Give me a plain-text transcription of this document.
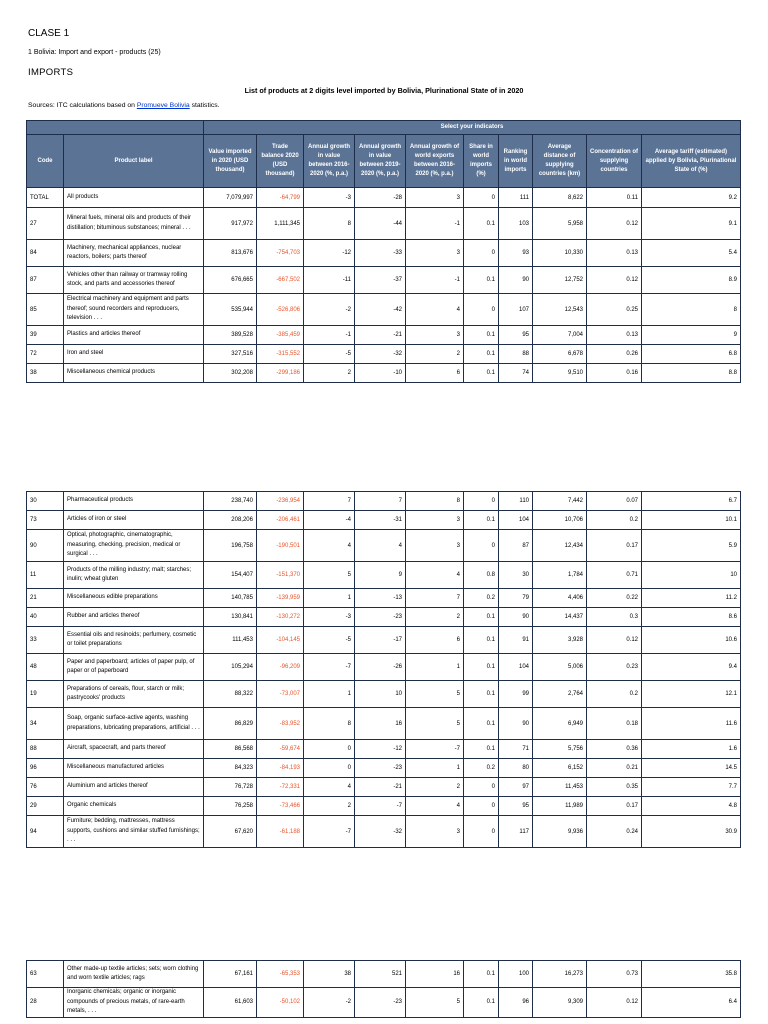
CLASE 1
1 Bolivia: Import and export - products (25)
IMPORTS
List of products at 2 digits level imported by Bolivia, Plurinational State of in 2020
Sources: ITC calculations based on Promueve Bolivia statistics.
		Select your indicators									
Code	Product label	Value imported in 2020 (USD thousand)	Trade balance 2020 (USD thousand)	Annual growth in value between 2016-2020 (%, p.a.)	Annual growth in value between 2019-2020 (%, p.a.)	Annual growth of world exports between 2016-2020 (%, p.a.)	Share in world imports (%)	Ranking in world imports	Average distance of supplying countries (km)	Concentration of supplying countries	Average tariff (estimated) applied by Bolivia, Plurinational State of (%)
TOTAL	All products	7,079,997	-64,799	-3	-28	3	0	111	8,622	0.11	9.2
27	Mineral fuels, mineral oils and products of their distillation; bituminous substances; mineral . . .	917,972	1,111,345	8	-44	-1	0.1	103	5,958	0.12	9.1
84	Machinery, mechanical appliances, nuclear reactors, boilers; parts thereof	813,676	-754,703	-12	-33	3	0	93	10,330	0.13	5.4
87	Vehicles other than railway or tramway rolling stock, and parts and accessories thereof	676,665	-667,502	-11	-37	-1	0.1	90	12,752	0.12	8.9
85	Electrical machinery and equipment and parts thereof; sound recorders and reproducers, television . . .	535,944	-526,806	-2	-42	4	0	107	12,543	0.25	8
39	Plastics and articles thereof	389,528	-385,459	-1	-21	3	0.1	95	7,004	0.13	9
72	Iron and steel	327,516	-315,552	-5	-32	2	0.1	88	6,678	0.26	6.8
38	Miscellaneous chemical products	302,208	-299,186	2	-10	6	0.1	74	9,510	0.16	8.8
30	Pharmaceutical products	238,740	-236,954	7	7	8	0	110	7,442	0.07	6.7
73	Articles of iron or steel	208,206	-206,461	-4	-31	3	0.1	104	10,706	0.2	10.1
90	Optical, photographic, cinematographic, measuring, checking, precision, medical or surgical . . .	196,758	-190,501	4	4	3	0	87	12,434	0.17	5.9
11	Products of the milling industry; malt; starches; inulin; wheat gluten	154,407	-151,370	5	9	4	0.8	30	1,784	0.71	10
21	Miscellaneous edible preparations	140,785	-139,959	1	-13	7	0.2	79	4,406	0.22	11.2
40	Rubber and articles thereof	130,841	-130,272	-3	-23	2	0.1	90	14,437	0.3	8.6
33	Essential oils and resinoids; perfumery, cosmetic or toilet preparations	111,453	-104,145	-5	-17	6	0.1	91	3,928	0.12	10.6
48	Paper and paperboard; articles of paper pulp, of paper or of paperboard	105,294	-96,209	-7	-26	1	0.1	104	5,006	0.23	9.4
19	Preparations of cereals, flour, starch or milk; pastrycooks' products	88,322	-73,007	1	10	5	0.1	99	2,764	0.2	12.1
34	Soap, organic surface-active agents, washing preparations, lubricating preparations, artificial . . .	86,829	-83,952	8	16	5	0.1	90	6,949	0.18	11.6
88	Aircraft, spacecraft, and parts thereof	86,568	-59,674	0	-12	-7	0.1	71	5,756	0.36	1.6
96	Miscellaneous manufactured articles	84,323	-84,193	0	-23	1	0.2	80	6,152	0.21	14.5
76	Aluminium and articles thereof	76,728	-72,331	4	-21	2	0	97	11,453	0.35	7.7
29	Organic chemicals	76,258	-73,466	2	-7	4	0	95	11,989	0.17	4.8
94	Furniture; bedding, mattresses, mattress supports, cushions and similar stuffed furnishings; . . .	67,620	-61,188	-7	-32	3	0	117	9,936	0.24	30.9
63	Other made-up textile articles; sets; worn clothing and worn textile articles; rags	67,161	-65,353	38	521	16	0.1	100	16,273	0.73	35.8
28	Inorganic chemicals; organic or inorganic compounds of precious metals, of rare-earth metals, . . .	61,603	-50,102	-2	-23	5	0.1	96	9,309	0.12	6.4
